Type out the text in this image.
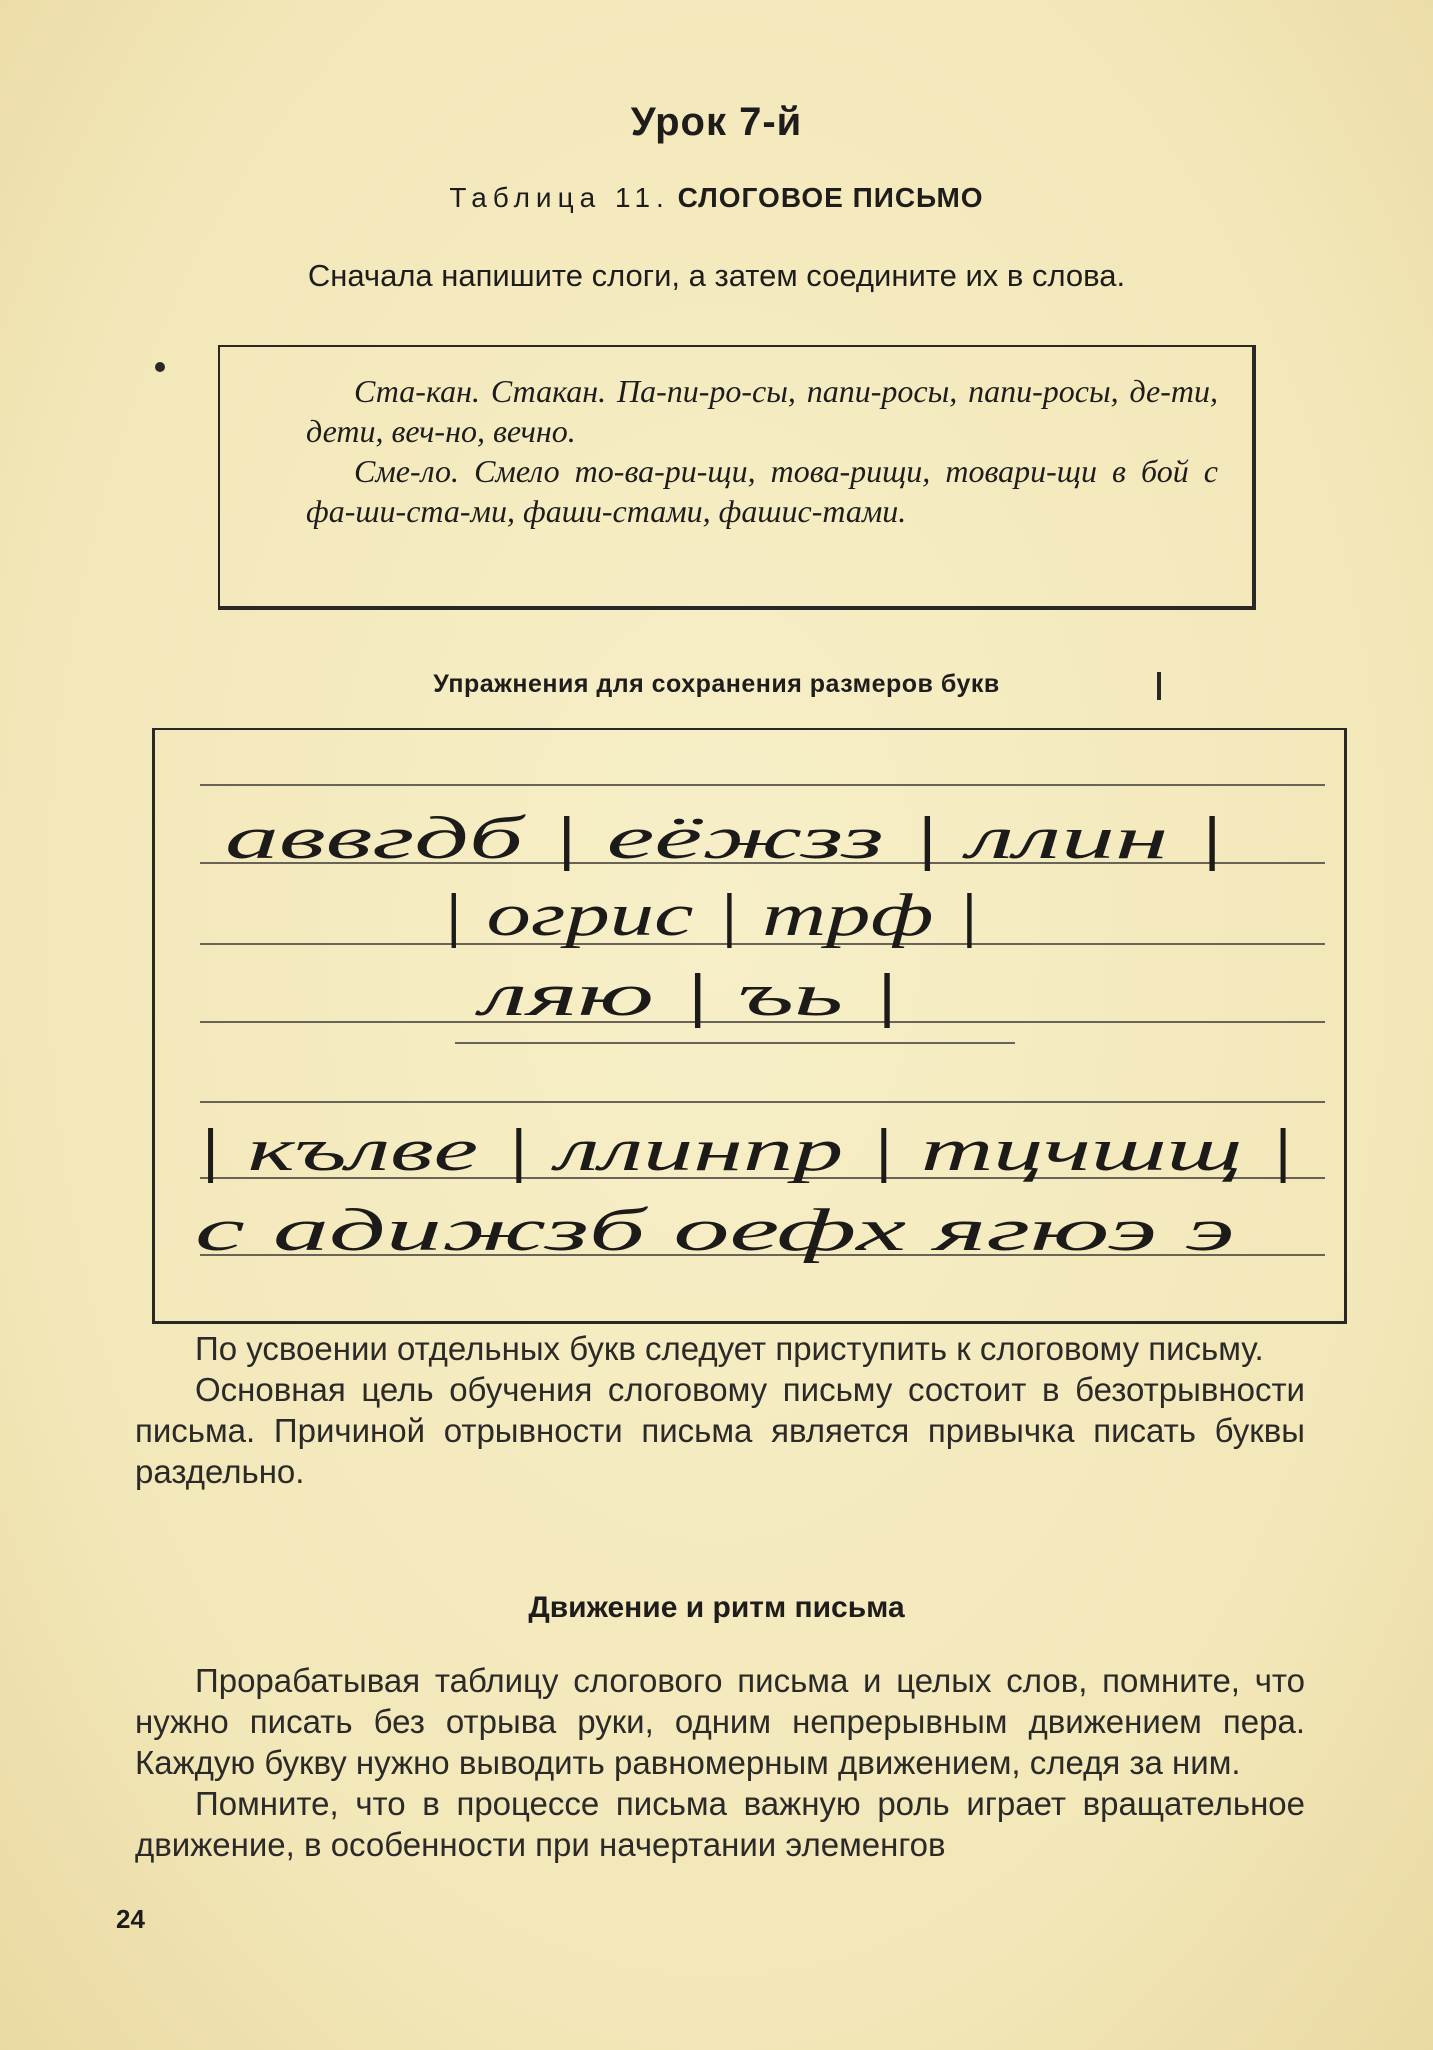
Урок 7-й
Таблица 11. СЛОГОВОЕ ПИСЬМО
Сначала напишите слоги, а затем соедините их в слова.

Ста-кан. Стакан. Па-пи-ро-сы, папи-росы, папи-росы, де-ти, дети, веч-но, вечно.

Сме-ло. Смело то-ва-ри-щи, това-рищи, товари-щи в бой с фа-ши-ста-ми, фаши-стами, фашис-тами.

Упражнения для сохранения размеров букв
аввгдб | еёжзз | ллин |
| огрис | трф |
ляю | ъь |
| кълве | ллинпр | тцчшщ |
с адижзб оефх ягюэ э

По усвоении отдельных букв следует приступить к слоговому письму.

Основная цель обучения слоговому письму состоит в безотрывности письма. Причиной отрывности письма является привычка писать буквы раздельно.

Движение и ритм письма

Прорабатывая таблицу слогового письма и целых слов, помните, что нужно писать без отрыва руки, одним непрерывным движением пера. Каждую букву нужно выводить равномерным движением, следя за ним.

Помните, что в процессе письма важную роль играет вращательное движение, в особенности при начертании элеменгов

24
